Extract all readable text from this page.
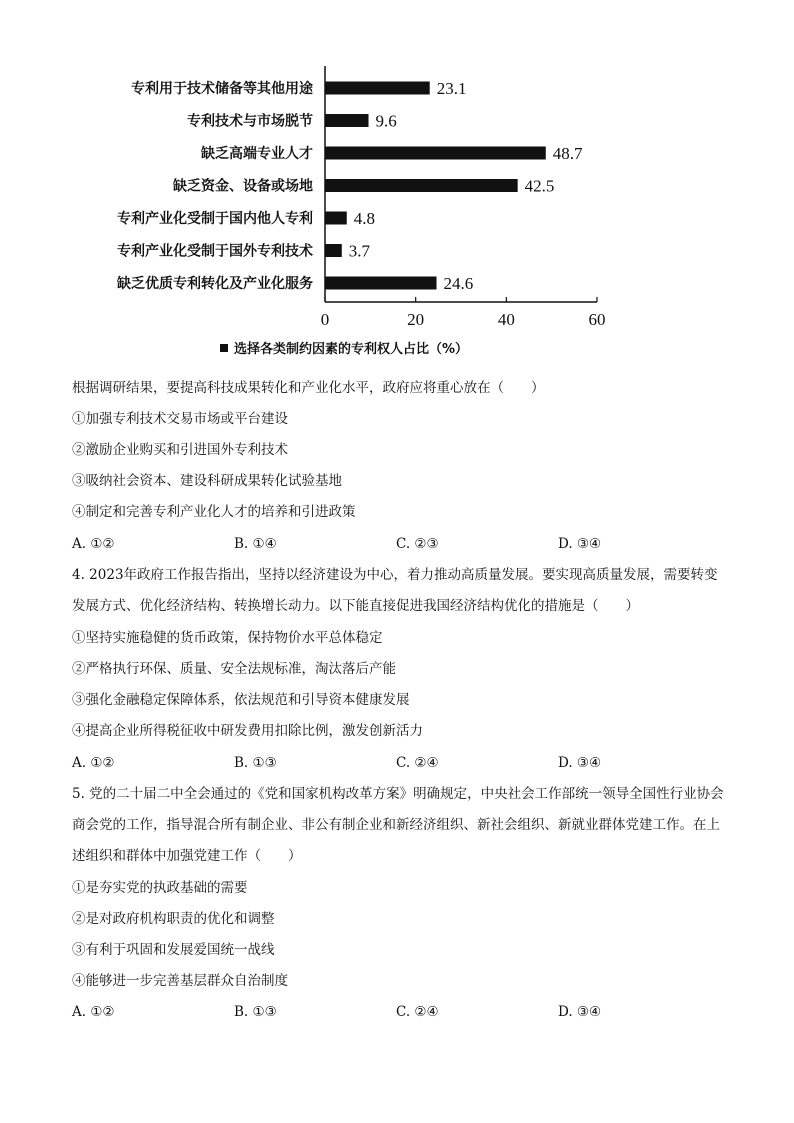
专利用于技术储备等其他用途
专利技术与市场脱节
缺乏高端专业人才
缺乏资金、设备或场地
专利产业化受制于国内他人专利
专利产业化受制于国外专利技术
缺乏优质专利转化及产业化服务
23.1
9.6
48.7
42.5
4.8
3.7
24.6
0	20	40	60
选择各类制约因素的专利权人占比（%）
根据调研结果，要提高科技成果转化和产业化水平，政府应将重心放在（　　）
①加强专利技术交易市场或平台建设
②激励企业购买和引进国外专利技术
③吸纳社会资本、建设科研成果转化试验基地
④制定和完善专利产业化人才的培养和引进政策
A. ①②	B. ①④	C. ②③	D. ③④
4. 2023年政府工作报告指出，坚持以经济建设为中心，着力推动高质量发展。要实现高质量发展，需要转变发展方式、优化经济结构、转换增长动力。以下能直接促进我国经济结构优化的措施是（　　）
①坚持实施稳健的货币政策，保持物价水平总体稳定
②严格执行环保、质量、安全法规标准，淘汰落后产能
③强化金融稳定保障体系，依法规范和引导资本健康发展
④提高企业所得税征收中研发费用扣除比例，激发创新活力
A. ①②	B. ①③	C. ②④	D. ③④
5. 党的二十届二中全会通过的《党和国家机构改革方案》明确规定，中央社会工作部统一领导全国性行业协会商会党的工作，指导混合所有制企业、非公有制企业和新经济组织、新社会组织、新就业群体党建工作。在上述组织和群体中加强党建工作（　　）
①是夯实党的执政基础的需要
②是对政府机构职责的优化和调整
③有利于巩固和发展爱国统一战线
④能够进一步完善基层群众自治制度
A. ①②	B. ①③	C. ②④	D. ③④
